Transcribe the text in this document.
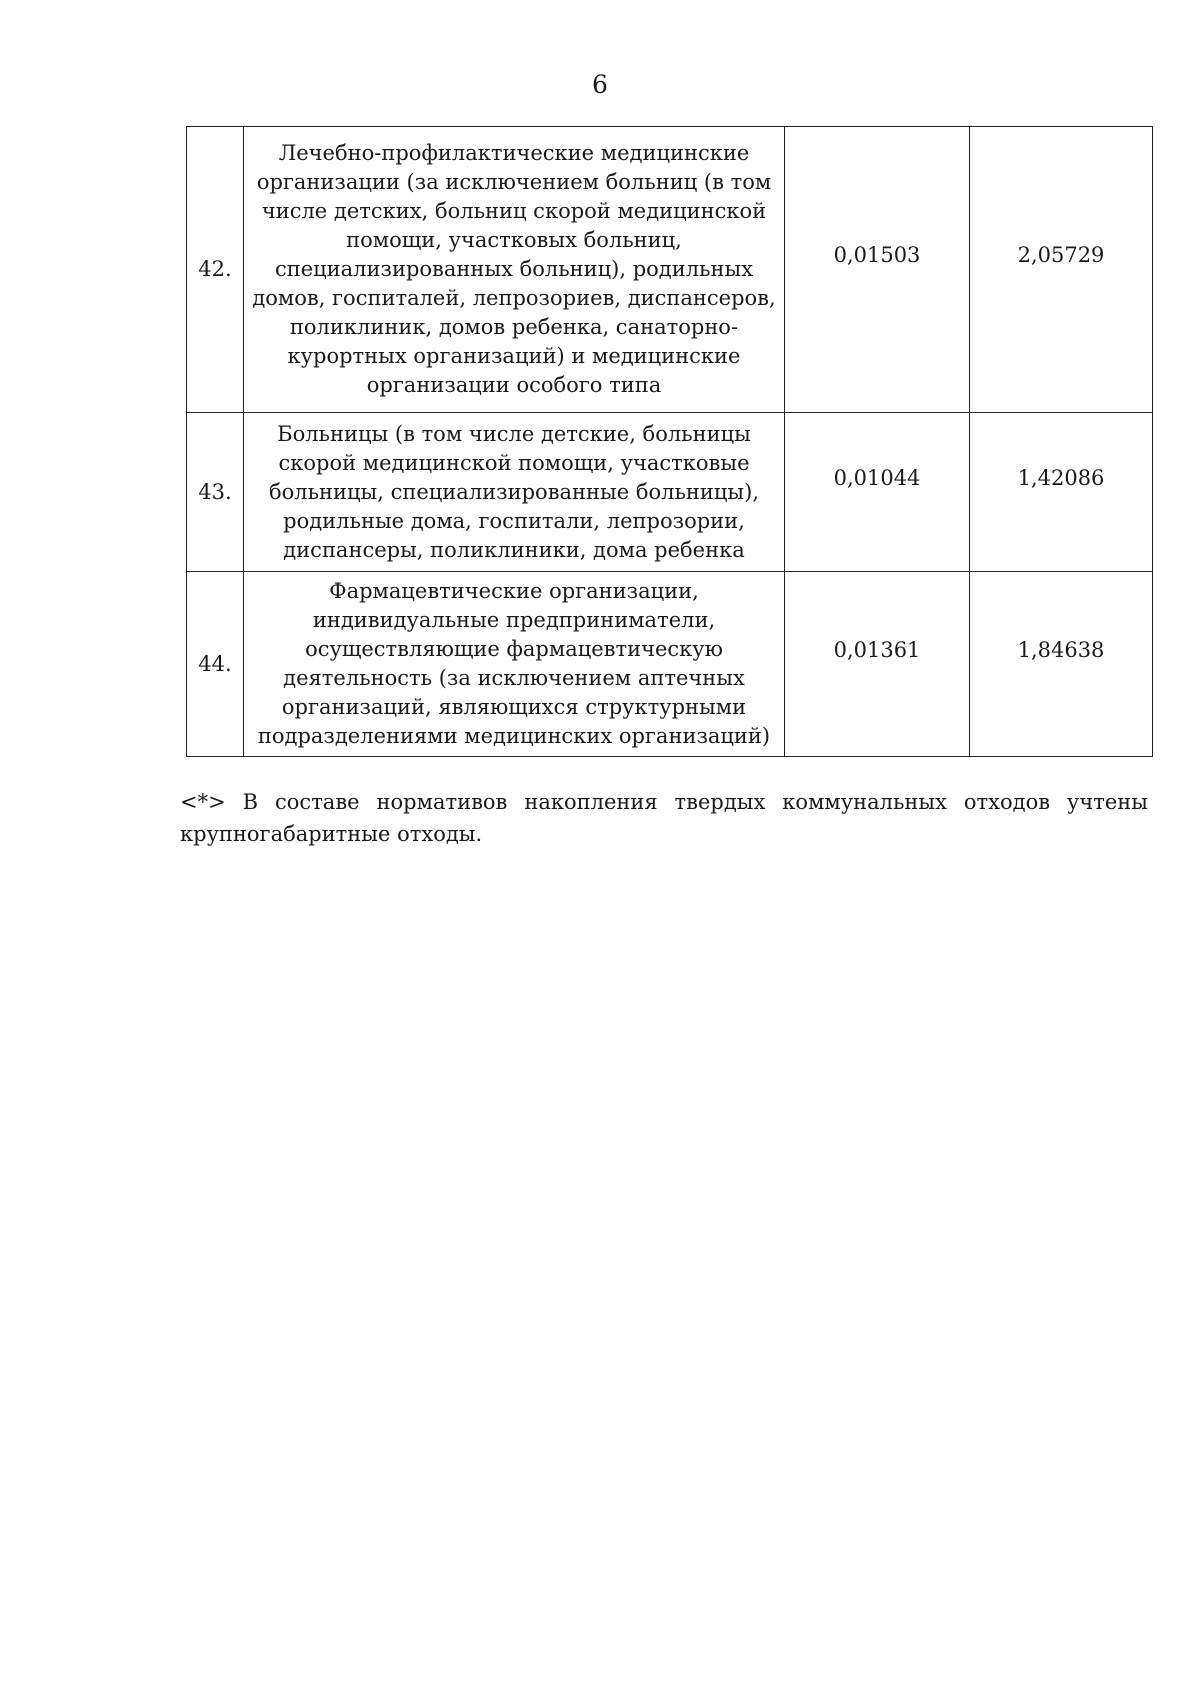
6
42.	Лечебно-профилактические медицинские организации (за исключением больниц (в том числе детских, больниц скорой медицинской помощи, участковых больниц, специализированных больниц), родильных домов, госпиталей, лепрозориев, диспансеров, поликлиник, домов ребенка, санаторно-курортных организаций) и медицинские организации особого типа	0,01503	2,05729
43.	Больницы (в том числе детские, больницы скорой медицинской помощи, участковые больницы, специализированные больницы), родильные дома, госпитали, лепрозории, диспансеры, поликлиники, дома ребенка	0,01044	1,42086
44.	Фармацевтические организации, индивидуальные предприниматели, осуществляющие фармацевтическую деятельность (за исключением аптечных организаций, являющихся структурными подразделениями медицинских организаций)	0,01361	1,84638
<*> В составе нормативов накопления твердых коммунальных отходов учтены крупногабаритные отходы.
